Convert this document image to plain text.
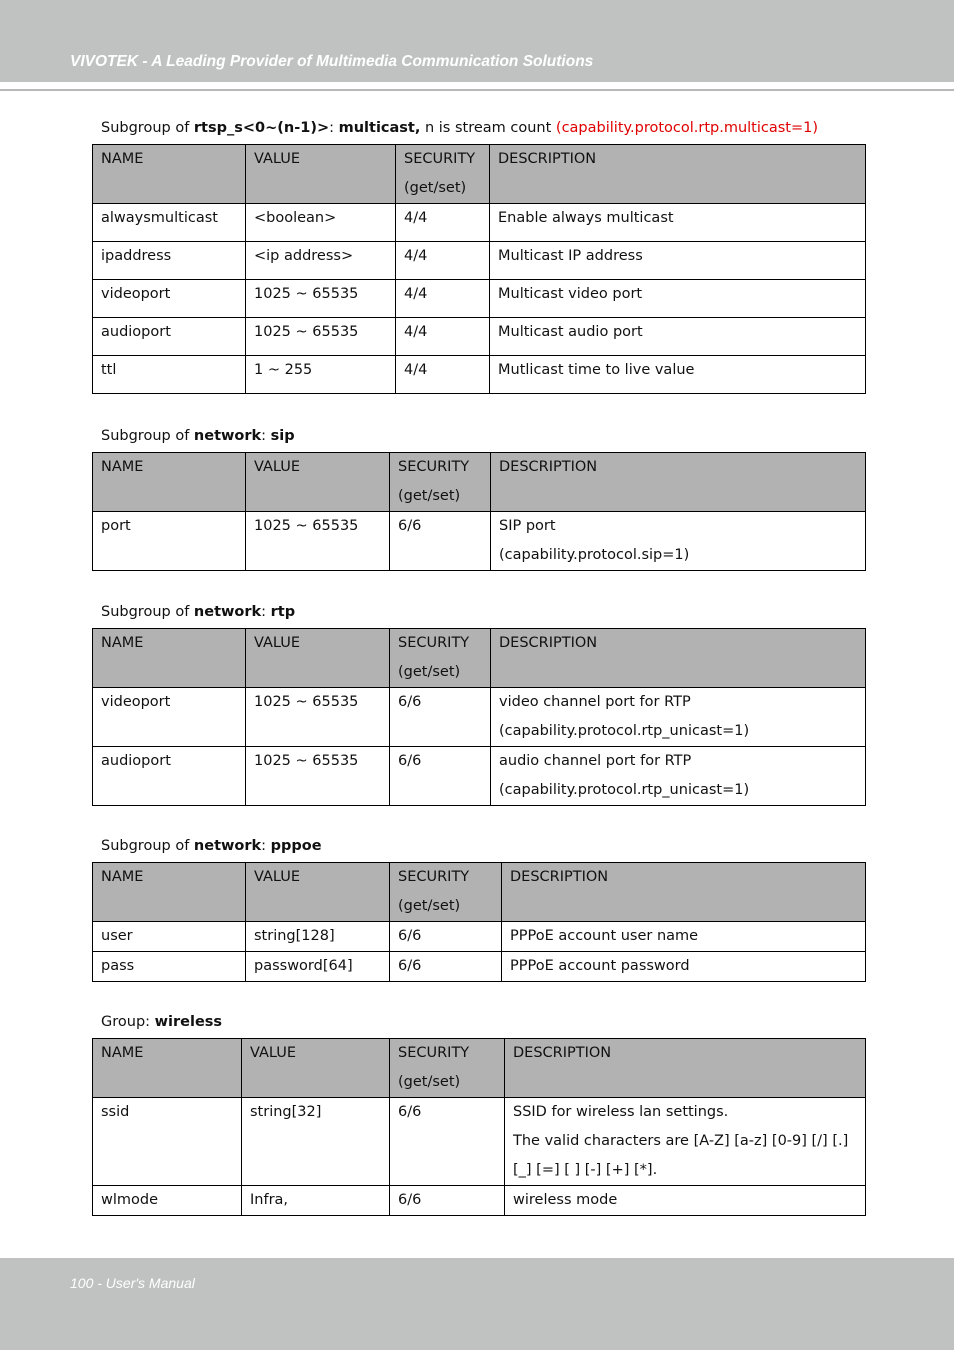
VIVOTEK - A Leading Provider of Multimedia Communication Solutions
Subgroup of rtsp_s<0~(n-1)>: multicast, n is stream count (capability.protocol.rtp.multicast=1)
NAME	VALUE	SECURITY (get/set)	DESCRIPTION
alwaysmulticast	<boolean>	4/4	Enable always multicast
ipaddress	<ip address>	4/4	Multicast IP address
videoport	1025 ~ 65535	4/4	Multicast video port
audioport	1025 ~ 65535	4/4	Multicast audio port
ttl	1 ~ 255	4/4	Mutlicast time to live value
Subgroup of network: sip
NAME	VALUE	SECURITY (get/set)	DESCRIPTION
port	1025 ~ 65535	6/6	SIP port
(capability.protocol.sip=1)
Subgroup of network: rtp
NAME	VALUE	SECURITY (get/set)	DESCRIPTION
videoport	1025 ~ 65535	6/6	video channel port for RTP
(capability.protocol.rtp_unicast=1)

audioport	1025 ~ 65535	6/6	audio channel port for RTP
(capability.protocol.rtp_unicast=1)
Subgroup of network: pppoe
NAME	VALUE	SECURITY (get/set)	DESCRIPTION
user	string[128]	6/6	PPPoE account user name
pass	password[64]	6/6	PPPoE account password
Group: wireless
NAME	VALUE	SECURITY (get/set)	DESCRIPTION
ssid	string[32]	6/6	SSID for wireless lan settings.
The valid characters are [A-Z] [a-z] [0-9] [/] [.]
[_] [=] [ ] [-] [+] [*].

wlmode	Infra,	6/6	wireless mode
100 - User's Manual
